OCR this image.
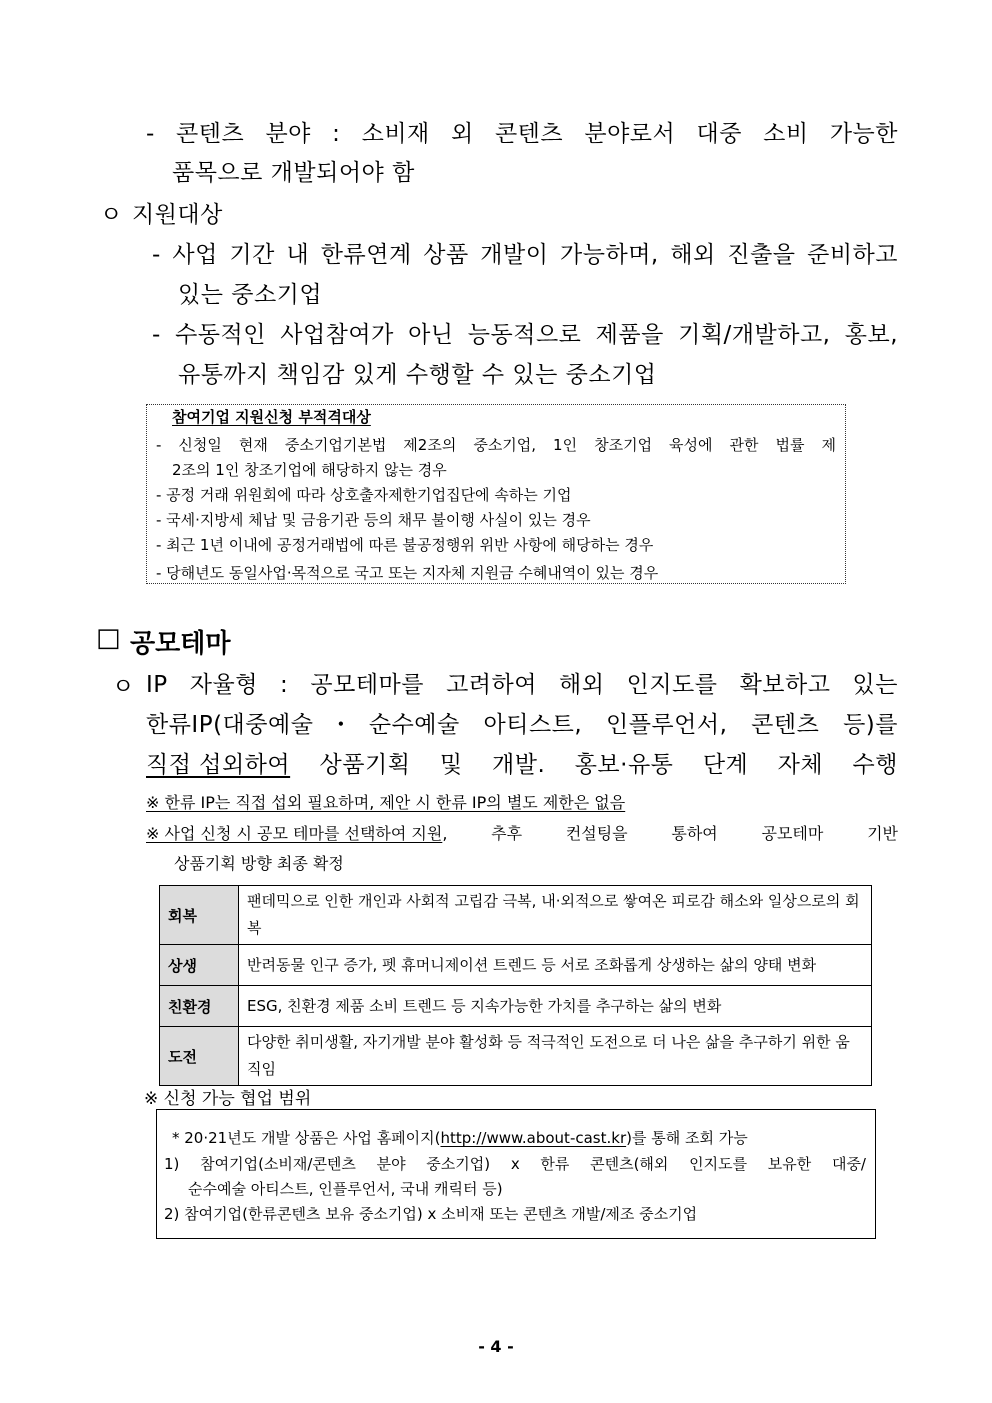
- 콘텐츠 분야 : 소비재 외 콘텐츠 분야로서 대중 소비 가능한
품목으로 개발되어야 함
ㅇ 지원대상
- 사업 기간 내 한류연계 상품 개발이 가능하며, 해외 진출을 준비하고
있는 중소기업
- 수동적인 사업참여가 아닌 능동적으로 제품을 기획/개발하고, 홍보,
유통까지 책임감 있게 수행할 수 있는 중소기업
참여기업 지원신청 부적격대상
- 신청일 현재 중소기업기본법 제2조의 중소기업, 1인 창조기업 육성에 관한 법률 제
2조의 1인 창조기업에 해당하지 않는 경우
- 공정 거래 위원회에 따라 상호출자제한기업집단에 속하는 기업
- 국세·지방세 체납 및 금융기관 등의 채무 불이행 사실이 있는 경우
- 최근 1년 이내에 공정거래법에 따른 불공정행위 위반 사항에 해당하는 경우
- 당해년도 동일사업·목적으로 국고 또는 지자체 지원금 수혜내역이 있는 경우
□ 공모테마
ㅇ IP 자율형 : 공모테마를 고려하여 해외 인지도를 확보하고 있는
한류IP(대중예술・순수예술 아티스트, 인플루언서, 콘텐츠 등)를
직접 섭외하여 상품기획 및 개발. 홍보·유통 단계 자체 수행
※ 한류 IP는 직접 섭외 필요하며, 제안 시 한류 IP의 별도 제한은 없음
※ 사업 신청 시 공모 테마를 선택하여 지원 , 추후 컨설팅을 통하여 공모테마 기반
상품기획 방향 최종 확정
회복	팬데믹으로 인한 개인과 사회적 고립감 극복, 내·외적으로 쌓여온 피로감 해소와 일상으로의 회복
상생	반려동물 인구 증가, 펫 휴머니제이션 트렌드 등 서로 조화롭게 상생하는 삶의 양태 변화
친환경	ESG, 친환경 제품 소비 트렌드 등 지속가능한 가치를 추구하는 삶의 변화
도전	다양한 취미생활, 자기개발 분야 활성화 등 적극적인 도전으로 더 나은 삶을 추구하기 위한 움직임
※ 신청 가능 협업 범위
* 20·21년도 개발 상품은 사업 홈페이지(http://www.about-cast.kr)를 통해 조회 가능
1) 참여기업(소비재/콘텐츠 분야 중소기업) x 한류 콘텐츠(해외 인지도를 보유한 대중/
순수예술 아티스트, 인플루언서, 국내 캐릭터 등)
2) 참여기업(한류콘텐츠 보유 중소기업) x 소비재 또는 콘텐츠 개발/제조 중소기업
- 4 -
